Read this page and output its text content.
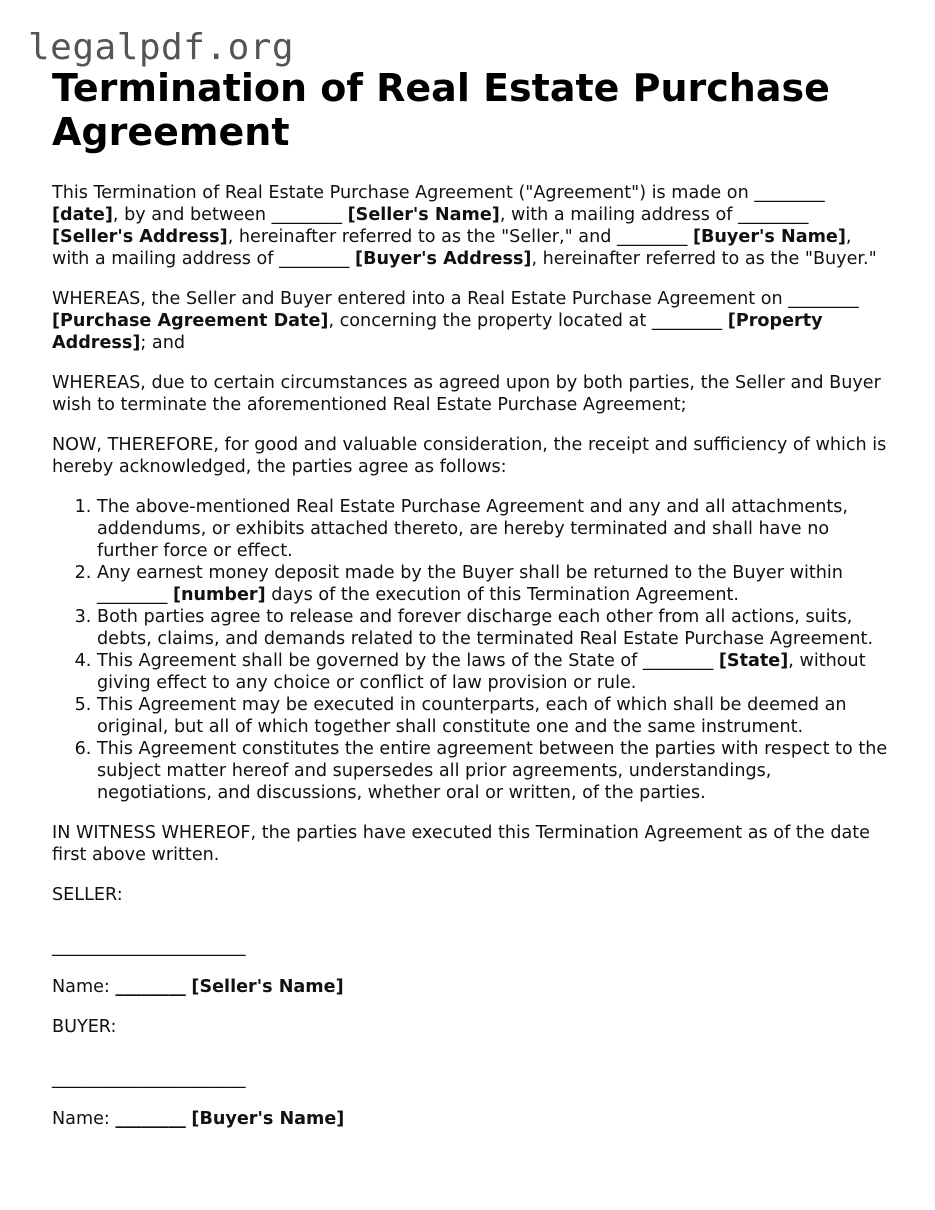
legalpdf.org
Termination of Real Estate Purchase Agreement

This Termination of Real Estate Purchase Agreement ("Agreement") is made on ________ [date], by and between ________ [Seller's Name], with a mailing address of ________ [Seller's Address], hereinafter referred to as the "Seller," and ________ [Buyer's Name], with a mailing address of ________ [Buyer's Address], hereinafter referred to as the "Buyer."

WHEREAS, the Seller and Buyer entered into a Real Estate Purchase Agreement on ________ [Purchase Agreement Date], concerning the property located at ________ [Property Address]; and

WHEREAS, due to certain circumstances as agreed upon by both parties, the Seller and Buyer wish to terminate the aforementioned Real Estate Purchase Agreement;

NOW, THEREFORE, for good and valuable consideration, the receipt and sufficiency of which is hereby acknowledged, the parties agree as follows:

1. The above-mentioned Real Estate Purchase Agreement and any and all attachments, addendums, or exhibits attached thereto, are hereby terminated and shall have no further force or effect.
2. Any earnest money deposit made by the Buyer shall be returned to the Buyer within ________ [number] days of the execution of this Termination Agreement.
3. Both parties agree to release and forever discharge each other from all actions, suits, debts, claims, and demands related to the terminated Real Estate Purchase Agreement.
4. This Agreement shall be governed by the laws of the State of ________ [State], without giving effect to any choice or conflict of law provision or rule.
5. This Agreement may be executed in counterparts, each of which shall be deemed an original, but all of which together shall constitute one and the same instrument.
6. This Agreement constitutes the entire agreement between the parties with respect to the subject matter hereof and supersedes all prior agreements, understandings, negotiations, and discussions, whether oral or written, of the parties.

IN WITNESS WHEREOF, the parties have executed this Termination Agreement as of the date first above written.

SELLER:

______________________

Name: ________ [Seller's Name]

BUYER:

______________________

Name: ________ [Buyer's Name]
